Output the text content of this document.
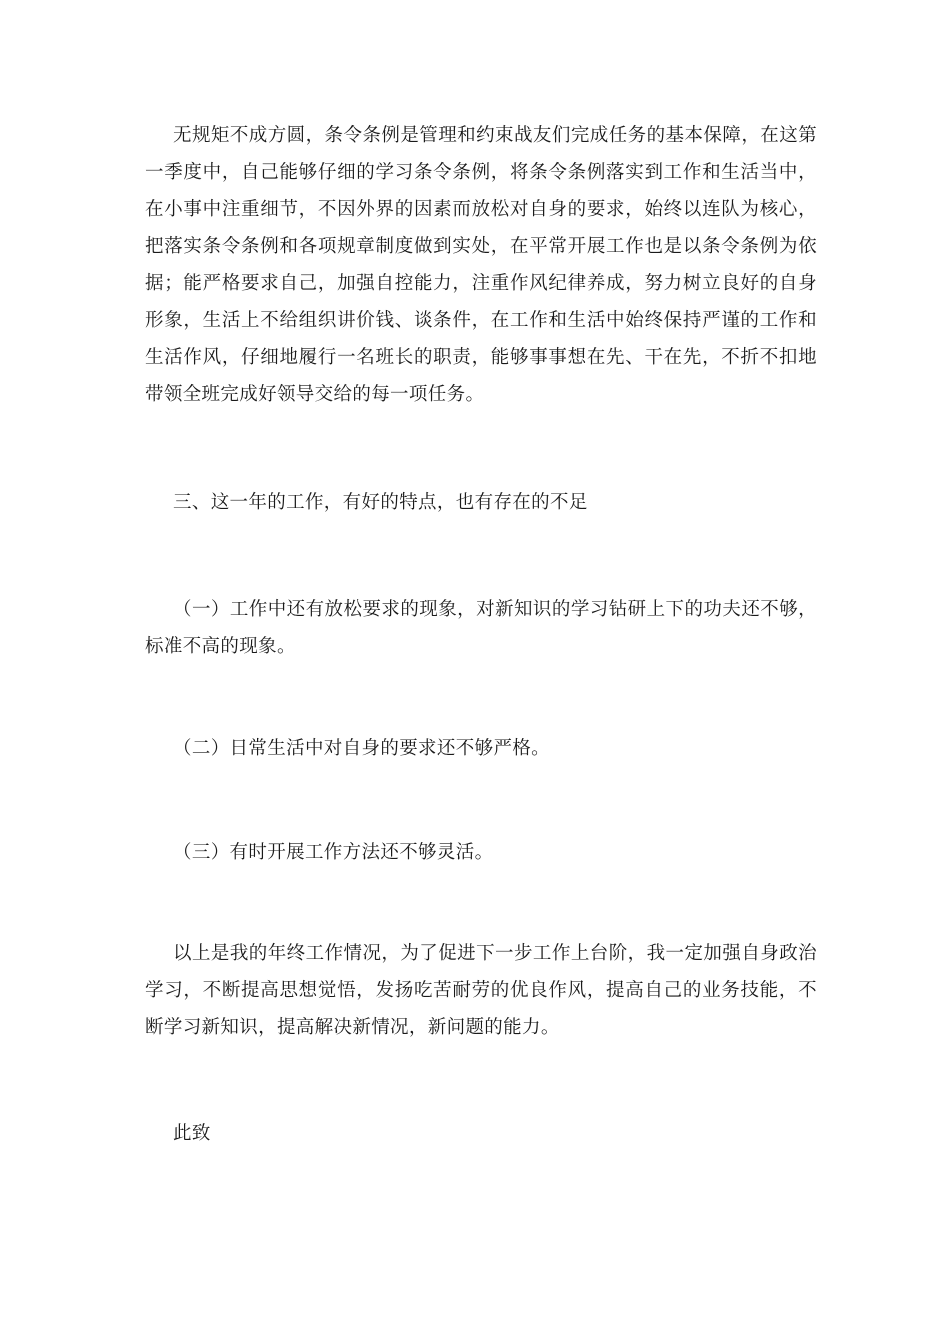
无规矩不成方圆，条令条例是管理和约束战友们完成任务的基本保障，在这第一季度中，自己能够仔细的学习条令条例，将条令条例落实到工作和生活当中，在小事中注重细节，不因外界的因素而放松对自身的要求，始终以连队为核心，把落实条令条例和各项规章制度做到实处，在平常开展工作也是以条令条例为依据；能严格要求自己，加强自控能力，注重作风纪律养成，努力树立良好的自身形象，生活上不给组织讲价钱、谈条件，在工作和生活中始终保持严谨的工作和生活作风，仔细地履行一名班长的职责，能够事事想在先、干在先，不折不扣地带领全班完成好领导交给的每一项任务。

三、这一年的工作，有好的特点，也有存在的不足

（一）工作中还有放松要求的现象，对新知识的学习钻研上下的功夫还不够，标准不高的现象。

（二）日常生活中对自身的要求还不够严格。

（三）有时开展工作方法还不够灵活。

以上是我的年终工作情况，为了促进下一步工作上台阶，我一定加强自身政治学习，不断提高思想觉悟，发扬吃苦耐劳的优良作风，提高自己的业务技能，不断学习新知识，提高解决新情况，新问题的能力。

此致
